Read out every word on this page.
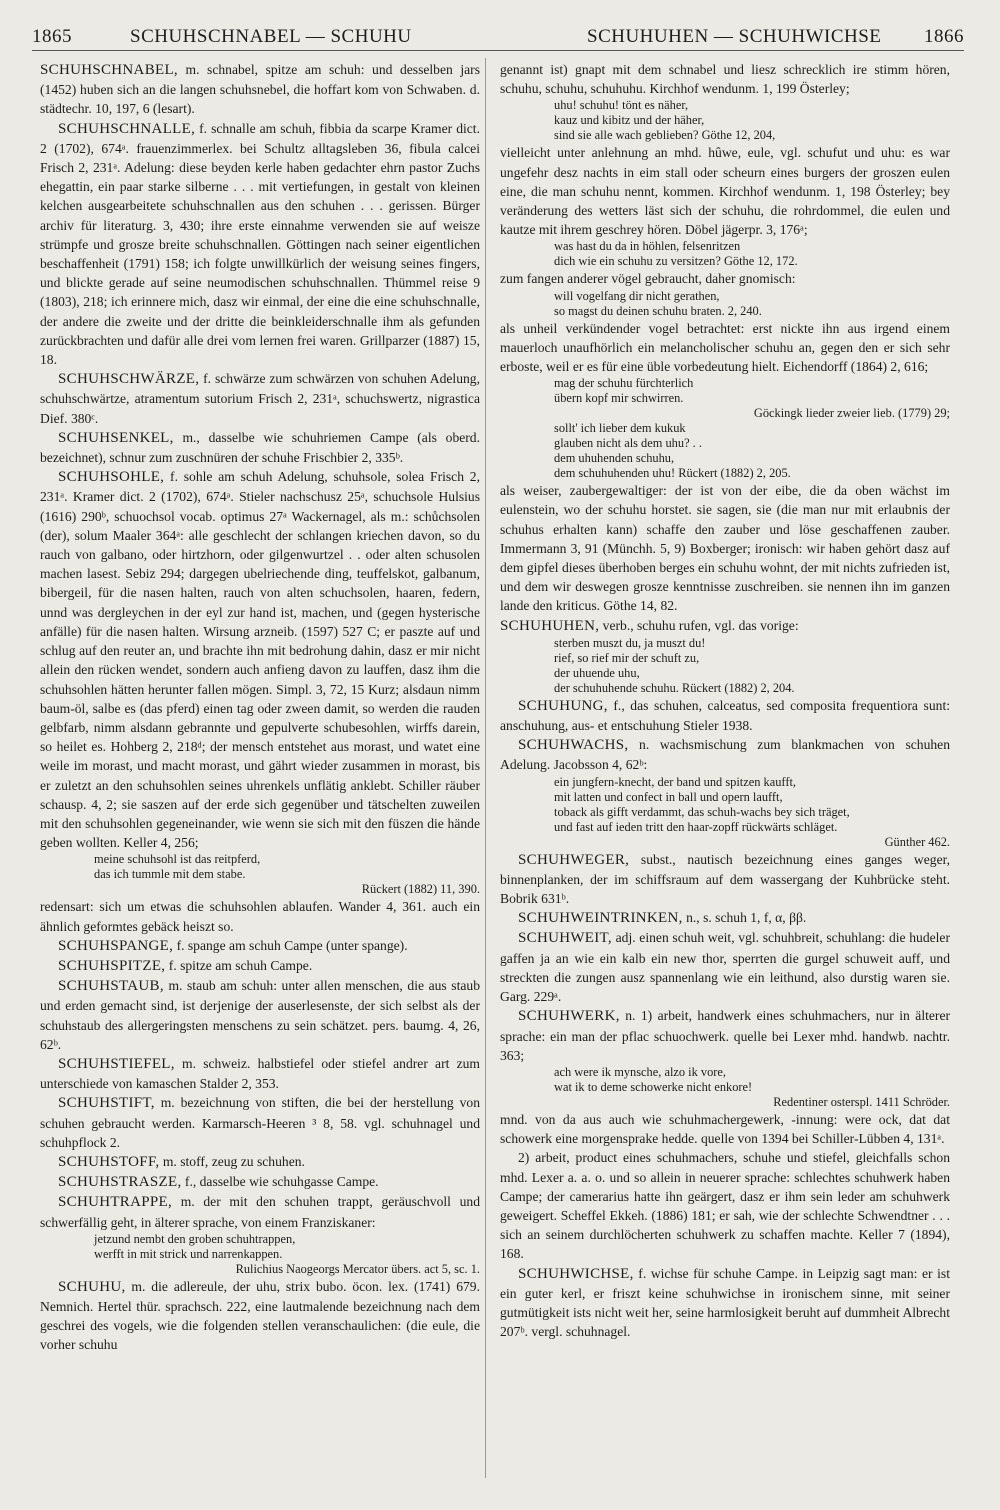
1865	SCHUHSCHNABEL — SCHUHU	SCHUHUHEN — SCHUHWICHSE 1866

SCHUHSCHNABEL, m. schnabel, spitze am schuh: und desselben jars (1452) huben sich an die langen schuhsnebel, die hoffart kom von Schwaben. d. städtechr. 10, 197, 6 (lesart).

SCHUHSCHNALLE, f. schnalle am schuh, fibbia da scarpe Kramer dict. 2 (1702), 674ᵃ. frauenzimmerlex. bei Schultz alltagsleben 36, fibula calcei Frisch 2, 231ᵃ. Adelung: diese beyden kerle haben gedachter ehrn pastor Zuchs ehegattin, ein paar starke silberne . . . mit vertiefungen, in gestalt von kleinen kelchen ausgearbeitete schuhschnallen aus den schuhen . . . gerissen. Bürger archiv für literaturg. 3, 430; ihre erste einnahme verwenden sie auf weisze strümpfe und grosze breite schuhschnallen. Göttingen nach seiner eigentlichen beschaffenheit (1791) 158; ich folgte unwillkürlich der weisung seines fingers, und blickte gerade auf seine neumodischen schuhschnallen. Thümmel reise 9 (1803), 218; ich erinnere mich, dasz wir einmal, der eine die eine schuhschnalle, der andere die zweite und der dritte die beinkleiderschnalle ihm als gefunden zurückbrachten und dafür alle drei vom lernen frei waren. Grillparzer (1887) 15, 18.

SCHUHSCHWÄRZE, f. schwärze zum schwärzen von schuhen Adelung, schuhschwärtze, atramentum sutorium Frisch 2, 231ᵃ, schuchswertz, nigrastica Dief. 380ᶜ.

SCHUHSENKEL, m., dasselbe wie schuhriemen Campe (als oberd. bezeichnet), schnur zum zuschnüren der schuhe Frischbier 2, 335ᵇ.

SCHUHSOHLE, f. sohle am schuh Adelung, schuhsole, solea Frisch 2, 231ᵃ. Kramer dict. 2 (1702), 674ᵃ. Stieler nachschusz 25ᵃ, schuchsole Hulsius (1616) 290ᵇ, schuochsol vocab. optimus 27ᵃ Wackernagel, als m.: schůchsolen (der), solum Maaler 364ᵃ: alle geschlecht der schlangen kriechen davon, so du rauch von galbano, oder hirtzhorn, oder gilgenwurtzel . . oder alten schusolen machen lasest. Sebiz 294; dargegen ubelriechende ding, teuffelskot, galbanum, bibergeil, für die nasen halten, rauch von alten schuchsolen, haaren, federn, unnd was dergleychen in der eyl zur hand ist, machen, und (gegen hysterische anfälle) für die nasen halten. Wirsung arzneib. (1597) 527 C; er paszte auf und schlug auf den reuter an, und brachte ihn mit bedrohung dahin, dasz er mir nicht allein den rücken wendet, sondern auch anfieng davon zu lauffen, dasz ihm die schuhsohlen hätten herunter fallen mögen. Simpl. 3, 72, 15 Kurz; alsdaun nimm baum-öl, salbe es (das pferd) einen tag oder zween damit, so werden die rauden gelbfarb, nimm alsdann gebrannte und gepulverte schubesohlen, wirffs darein, so heilet es. Hohberg 2, 218ᵈ; der mensch entstehet aus morast, und watet eine weile im morast, und macht morast, und gährt wieder zusammen in morast, bis er zuletzt an den schuhsohlen seines uhrenkels unflätig anklebt. Schiller räuber schausp. 4, 2; sie saszen auf der erde sich gegenüber und tätschelten zuweilen mit den schuhsohlen gegeneinander, wie wenn sie sich mit den füszen die hände geben wollten. Keller 4, 256;

meine schuhsohl ist das reitpferd,
das ich tummle mit dem stabe.
Rückert (1882) 11, 390.

redensart: sich um etwas die schuhsohlen ablaufen. Wander 4, 361. auch ein ähnlich geformtes gebäck heiszt so.

SCHUHSPANGE, f. spange am schuh Campe (unter spange).

SCHUHSPITZE, f. spitze am schuh Campe.

SCHUHSTAUB, m. staub am schuh: unter allen menschen, die aus staub und erden gemacht sind, ist derjenige der auserlesenste, der sich selbst als der schuhstaub des allergeringsten menschens zu sein schätzet. pers. baumg. 4, 26, 62ᵇ.

SCHUHSTIEFEL, m. schweiz. halbstiefel oder stiefel andrer art zum unterschiede von kamaschen Stalder 2, 353.

SCHUHSTIFT, m. bezeichnung von stiften, die bei der herstellung von schuhen gebraucht werden. Karmarsch-Heeren ³ 8, 58. vgl. schuhnagel und schuhpflock 2.

SCHUHSTOFF, m. stoff, zeug zu schuhen.

SCHUHSTRASZE, f., dasselbe wie schuhgasse Campe.

SCHUHTRAPPE, m. der mit den schuhen trappt, geräuschvoll und schwerfällig geht, in älterer sprache, von einem Franziskaner:

jetzund nembt den groben schuhtrappen,
werfft in mit strick und narrenkappen.
Rulichius Naogeorgs Mercator übers. act 5, sc. 1.

SCHUHU, m. die adlereule, der uhu, strix bubo. öcon. lex. (1741) 679. Nemnich. Hertel thür. sprachsch. 222, eine lautmalende bezeichnung nach dem geschrei des vogels, wie die folgenden stellen veranschaulichen: (die eule, die vorher schuhu

genannt ist) gnapt mit dem schnabel und liesz schrecklich ire stimm hören, schuhu, schuhu, schuhuhu. Kirchhof wendunm. 1, 199 Österley;

uhu! schuhu! tönt es näher,
kauz und kibitz und der häher,
sind sie alle wach geblieben? Göthe 12, 204,

vielleicht unter anlehnung an mhd. hûwe, eule, vgl. schufut und uhu: es war ungefehr desz nachts in eim stall oder scheurn eines burgers der groszen eulen eine, die man schuhu nennt, kommen. Kirchhof wendunm. 1, 198 Österley; bey veränderung des wetters läst sich der schuhu, die rohrdommel, die eulen und kautze mit ihrem geschrey hören. Döbel jägerpr. 3, 176ᵃ;

was hast du da in höhlen, felsenritzen
dich wie ein schuhu zu versitzen? Göthe 12, 172.

zum fangen anderer vögel gebraucht, daher gnomisch:

will vogelfang dir nicht gerathen,
so magst du deinen schuhu braten. 2, 240.

als unheil verkündender vogel betrachtet: erst nickte ihn aus irgend einem mauerloch unaufhörlich ein melancholischer schuhu an, gegen den er sich sehr erboste, weil er es für eine üble vorbedeutung hielt. Eichendorff (1864) 2, 616;

mag der schuhu fürchterlich
übern kopf mir schwirren.
Göckingk lieder zweier lieb. (1779) 29;
sollt' ich lieber dem kukuk
glauben nicht als dem uhu? . .
dem uhuhenden schuhu,
dem schuhuhenden uhu! Rückert (1882) 2, 205.

als weiser, zaubergewaltiger: der ist von der eibe, die da oben wächst im eulenstein, wo der schuhu horstet. sie sagen, sie (die man nur mit erlaubnis der schuhus erhalten kann) schaffe den zauber und löse geschaffenen zauber. Immermann 3, 91 (Münchh. 5, 9) Boxberger; ironisch: wir haben gehört dasz auf dem gipfel dieses überhoben berges ein schuhu wohnt, der mit nichts zufrieden ist, und dem wir deswegen grosze kenntnisse zuschreiben. sie nennen ihn im ganzen lande den kriticus. Göthe 14, 82.

SCHUHUHEN, verb., schuhu rufen, vgl. das vorige:

sterben muszt du, ja muszt du!
rief, so rief mir der schuft zu,
der uhuende uhu,
der schuhuhende schuhu. Rückert (1882) 2, 204.

SCHUHUNG, f., das schuhen, calceatus, sed composita frequentiora sunt: anschuhung, aus- et entschuhung Stieler 1938.

SCHUHWACHS, n. wachsmischung zum blankmachen von schuhen Adelung. Jacobsson 4, 62ᵇ:

ein jungfern-knecht, der band und spitzen kaufft,
mit latten und confect in ball und opern laufft,
toback als gifft verdammt, das schuh-wachs bey sich träget,
und fast auf ieden tritt den haar-zopff rückwärts schläget.
Günther 462.

SCHUHWEGER, subst., nautisch bezeichnung eines ganges weger, binnenplanken, der im schiffsraum auf dem wassergang der Kuhbrücke steht. Bobrik 631ᵇ.

SCHUHWEINTRINKEN, n., s. schuh 1, f, α, ββ.

SCHUHWEIT, adj. einen schuh weit, vgl. schuhbreit, schuhlang: die hudeler gaffen ja an wie ein kalb ein new thor, sperrten die gurgel schuweit auff, und streckten die zungen ausz spannenlang wie ein leithund, also durstig waren sie. Garg. 229ᵃ.

SCHUHWERK, n. 1) arbeit, handwerk eines schuhmachers, nur in älterer sprache: ein man der pflac schuochwerk. quelle bei Lexer mhd. handwb. nachtr. 363;

ach were ik mynsche, alzo ik vore,
wat ik to deme schowerke nicht enkore!
Redentiner osterspl. 1411 Schröder.

mnd. von da aus auch wie schuhmachergewerk, -innung: were ock, dat dat schowerk eine morgensprake hedde. quelle von 1394 bei Schiller-Lübben 4, 131ᵃ.

2) arbeit, product eines schuhmachers, schuhe und stiefel, gleichfalls schon mhd. Lexer a. a. o. und so allein in neuerer sprache: schlechtes schuhwerk haben Campe; der camerarius hatte ihn geärgert, dasz er ihm sein leder am schuhwerk geweigert. Scheffel Ekkeh. (1886) 181; er sah, wie der schlechte Schwendtner . . . sich an seinem durchlöcherten schuhwerk zu schaffen machte. Keller 7 (1894), 168.

SCHUHWICHSE, f. wichse für schuhe Campe. in Leipzig sagt man: er ist ein guter kerl, er friszt keine schuhwichse in ironischem sinne, mit seiner gutmütigkeit ists nicht weit her, seine harmlosigkeit beruht auf dummheit Albrecht 207ᵇ. vergl. schuhnagel.
